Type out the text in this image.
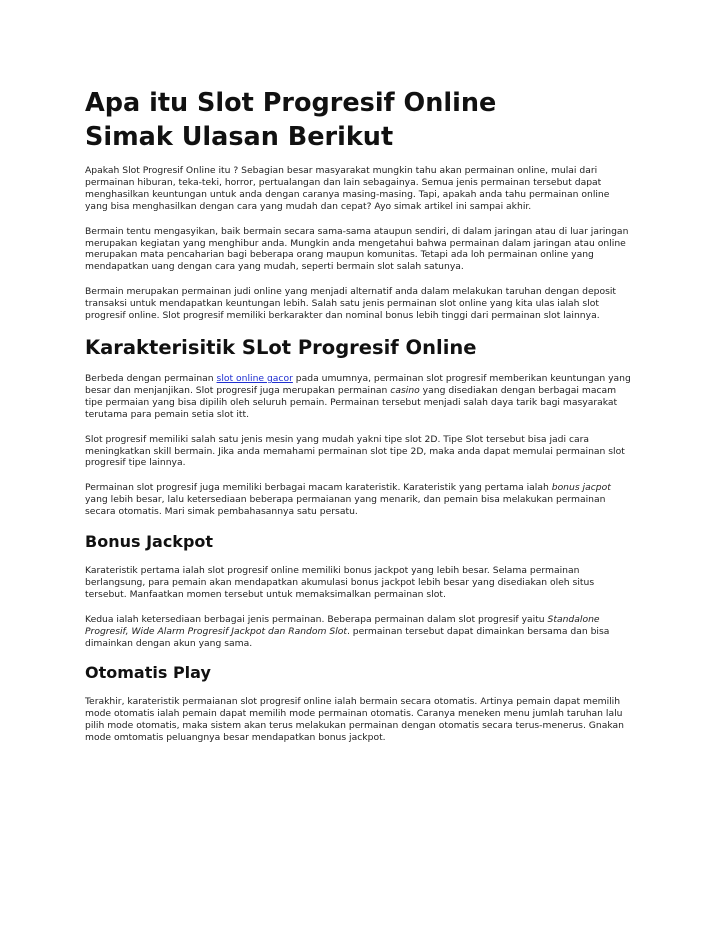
Apa itu Slot Progresif Online
Simak Ulasan Berikut

Apakah Slot Progresif Online itu ? Sebagian besar masyarakat mungkin tahu akan permainan online, mulai dari permainan hiburan, teka-teki, horror, pertualangan dan lain sebagainya. Semua jenis permainan tersebut dapat menghasilkan keuntungan untuk anda dengan caranya masing-masing. Tapi, apakah anda tahu permainan online yang bisa menghasilkan dengan cara yang mudah dan cepat? Ayo simak artikel ini sampai akhir.

Bermain tentu mengasyikan, baik bermain secara sama-sama ataupun sendiri, di dalam jaringan atau di luar jaringan merupakan kegiatan yang menghibur anda. Mungkin anda mengetahui bahwa permainan dalam jaringan atau online merupakan mata pencaharian bagi beberapa orang maupun komunitas. Tetapi ada loh permainan online yang mendapatkan uang dengan cara yang mudah, seperti bermain slot salah satunya.

Bermain merupakan permainan judi online yang menjadi alternatif anda dalam melakukan taruhan dengan deposit transaksi untuk mendapatkan keuntungan lebih. Salah satu jenis permainan slot online yang kita ulas ialah slot progresif online. Slot progresif memiliki berkarakter dan nominal bonus lebih tinggi dari permainan slot lainnya.

Karakterisitik SLot Progresif Online

Berbeda dengan permainan slot online gacor pada umumnya, permainan slot progresif memberikan keuntungan yang besar dan menjanjikan. Slot progresif juga merupakan permainan casino yang disediakan dengan berbagai macam tipe permaian yang bisa dipilih oleh seluruh pemain. Permainan tersebut menjadi salah daya tarik bagi masyarakat terutama para pemain setia slot itt.

Slot progresif memiliki salah satu jenis mesin yang mudah yakni tipe slot 2D. Tipe Slot tersebut bisa jadi cara meningkatkan skill bermain. Jika anda memahami permainan slot tipe 2D, maka anda dapat memulai permainan slot progresif tipe lainnya.

Permainan slot progresif juga memiliki berbagai macam karateristik. Karateristik yang pertama ialah bonus jacpot yang lebih besar, lalu ketersediaan beberapa permaianan yang menarik, dan pemain bisa melakukan permainan secara otomatis. Mari simak pembahasannya satu persatu.

Bonus Jackpot

Karateristik pertama ialah slot progresif online memiliki bonus jackpot yang lebih besar. Selama permainan berlangsung, para pemain akan mendapatkan akumulasi bonus jackpot lebih besar yang disediakan oleh situs tersebut. Manfaatkan momen tersebut untuk memaksimalkan permainan slot.

Kedua ialah ketersediaan berbagai jenis permainan. Beberapa permainan dalam slot progresif yaitu Standalone Progresif, Wide Alarm Progresif Jackpot dan Random Slot. permainan tersebut dapat dimainkan bersama dan bisa dimainkan dengan akun yang sama.

Otomatis Play

Terakhir, karateristik permaianan slot progresif online ialah bermain secara otomatis. Artinya pemain dapat memilih mode otomatis ialah pemain dapat memilih mode permainan otomatis. Caranya meneken menu jumlah taruhan lalu pilih mode otomatis, maka sistem akan terus melakukan permainan dengan otomatis secara terus-menerus. Gnakan mode omtomatis peluangnya besar mendapatkan bonus jackpot.
